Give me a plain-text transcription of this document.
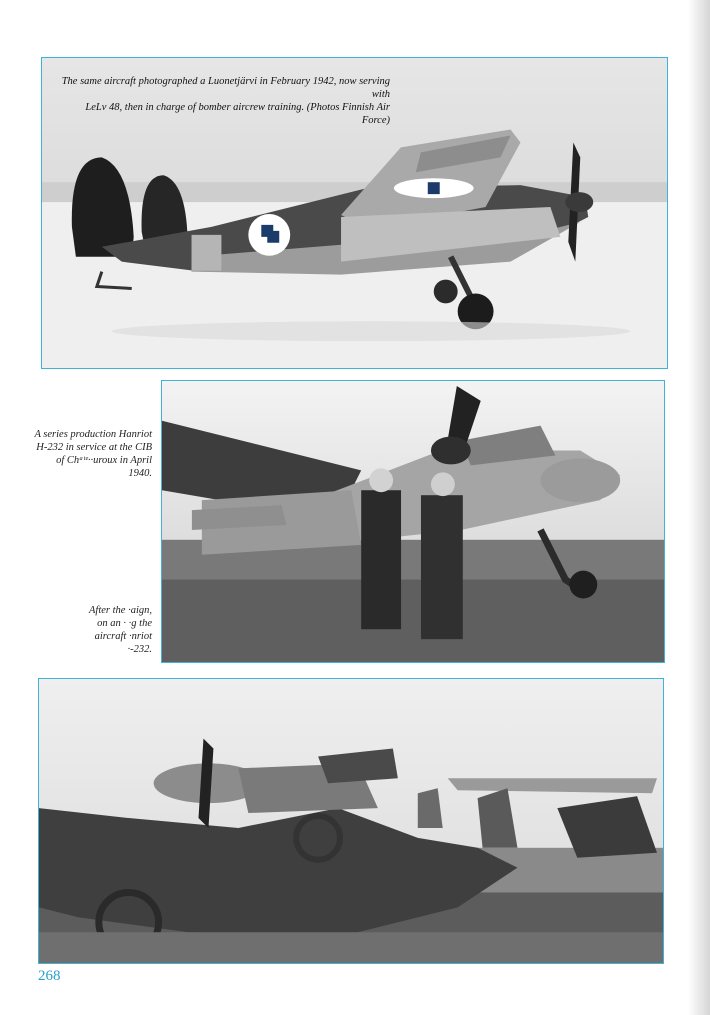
The same aircraft photographed a Luonetjärvi in February 1942, now serving with
LeLv 48, then in charge of bomber aircrew training. (Photos Finnish Air Force)
A series production Hanriot
H-232 in service at the CIB
of Chᵃᵗᵉ··uroux in April
1940.
After the ·aign,
on an · ·g the
aircraft ·nriot
·-232.
268
